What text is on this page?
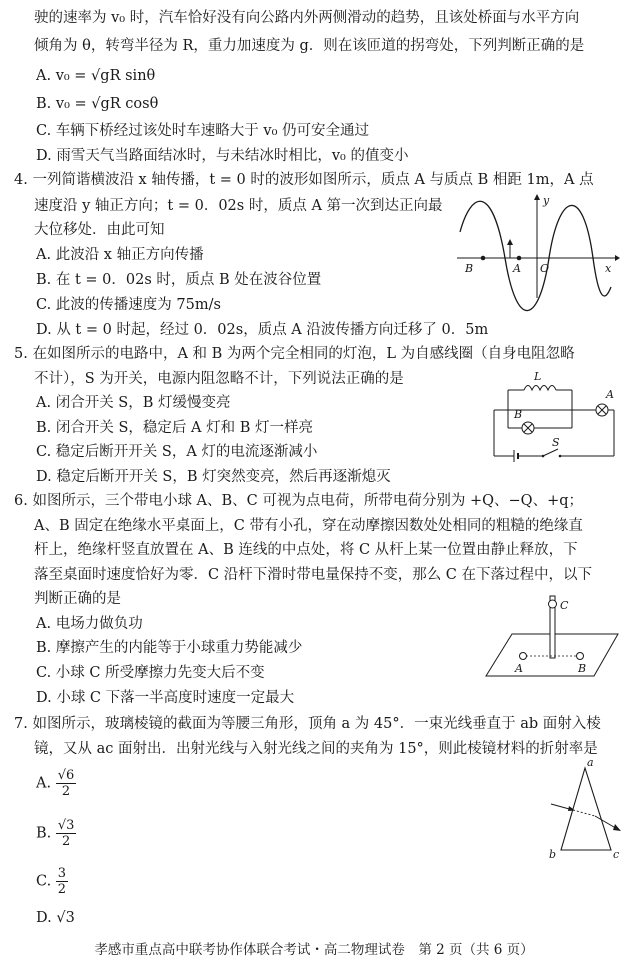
驶的速率为 v₀ 时，汽车恰好没有向公路内外两侧滑动的趋势，且该处桥面与水平方向
倾角为 θ，转弯半径为 R，重力加速度为 g．则在该匝道的拐弯处，下列判断正确的是
A. v₀ = √gR sinθ
B. v₀ = √gR cosθ
C. 车辆下桥经过该处时车速略大于 v₀ 仍可安全通过
D. 雨雪天气当路面结冰时，与未结冰时相比，v₀ 的值变小
4. 一列简谐横波沿 x 轴传播，t = 0 时的波形如图所示，质点 A 与质点 B 相距 1m，A 点
速度沿 y 轴正方向；t = 0．02s 时，质点 A 第一次到达正向最
大位移处．由此可知
A. 此波沿 x 轴正方向传播
B. 在 t = 0．02s 时，质点 B 处在波谷位置
C. 此波的传播速度为 75m/s
D. 从 t = 0 时起，经过 0．02s，质点 A 沿波传播方向迁移了 0．5m
B	A O
y
x
5. 在如图所示的电路中，A 和 B 为两个完全相同的灯泡，L 为自感线圈（自身电阻忽略
不计），S 为开关，电源内阻忽略不计，下列说法正确的是
A. 闭合开关 S，B 灯缓慢变亮
B. 闭合开关 S，稳定后 A 灯和 B 灯一样亮
C. 稳定后断开开关 S，A 灯的电流逐渐减小
D. 稳定后断开开关 S，B 灯突然变亮，然后再逐渐熄灭
L
A
B
S
6. 如图所示，三个带电小球 A、B、C 可视为点电荷，所带电荷分别为 +Q、−Q、+q；
A、B 固定在绝缘水平桌面上，C 带有小孔，穿在动摩擦因数处处相同的粗糙的绝缘直
杆上，绝缘杆竖直放置在 A、B 连线的中点处，将 C 从杆上某一位置由静止释放，下
落至桌面时速度恰好为零．C 沿杆下滑时带电量保持不变，那么 C 在下落过程中，以下
判断正确的是
A. 电场力做负功
B. 摩擦产生的内能等于小球重力势能减少
C. 小球 C 所受摩擦力先变大后不变
D. 小球 C 下落一半高度时速度一定最大
C
A	B
7. 如图所示，玻璃棱镜的截面为等腰三角形，顶角 a 为 45°．一束光线垂直于 ab 面射入棱
镜，又从 ac 面射出．出射光线与入射光线之间的夹角为 15°，则此棱镜材料的折射率是
A. $\frac{√6}{2}$
B. $\frac{√3}{2}$
C. $\frac{3}{2}$
D. √3
a
b	c
孝感市重点高中联考协作体联合考试・高二物理试卷　第 2 页（共 6 页）
